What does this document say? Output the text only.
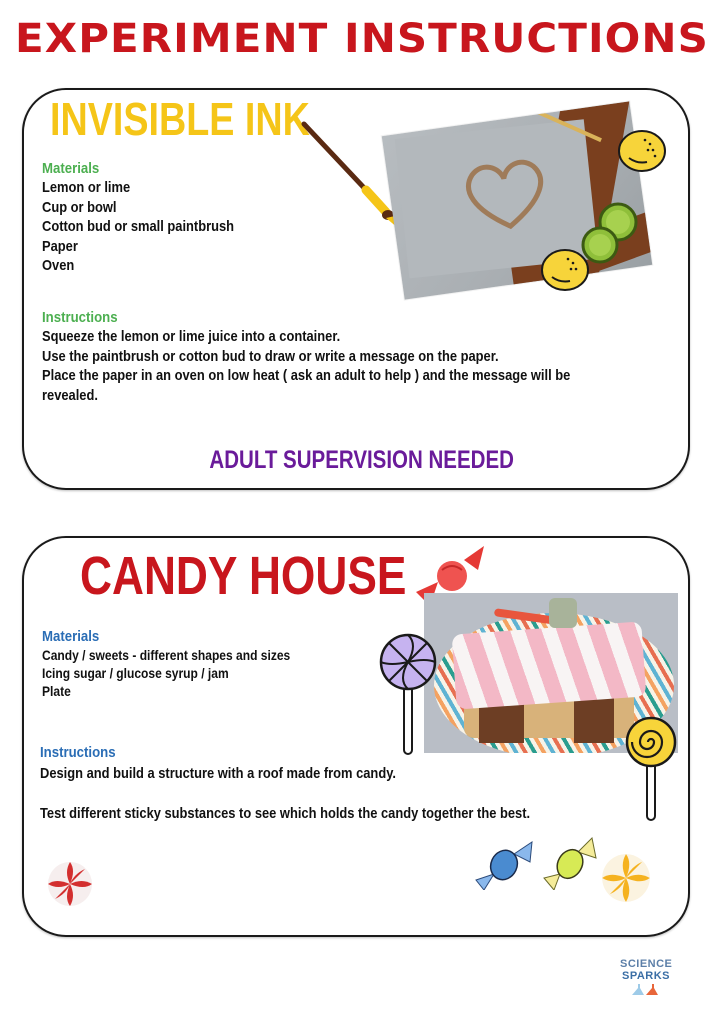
EXPERIMENT INSTRUCTIONS
INVISIBLE INK
Materials
Lemon or lime
Cup or bowl
Cotton bud or small paintbrush
Paper
Oven
Instructions
Squeeze the lemon or lime juice into a container.
Use the paintbrush or cotton bud to draw or write a message on the paper.
Place the paper in an oven on low heat ( ask an adult to help ) and the message will be
revealed.
ADULT SUPERVISION NEEDED
CANDY HOUSE
Materials
Candy / sweets - different shapes and sizes
Icing sugar / glucose syrup / jam
Plate
Instructions
Design and build a structure with a roof made from candy.
Test different sticky substances to see which holds the candy together the best.
SCIENCE
SPARKS
